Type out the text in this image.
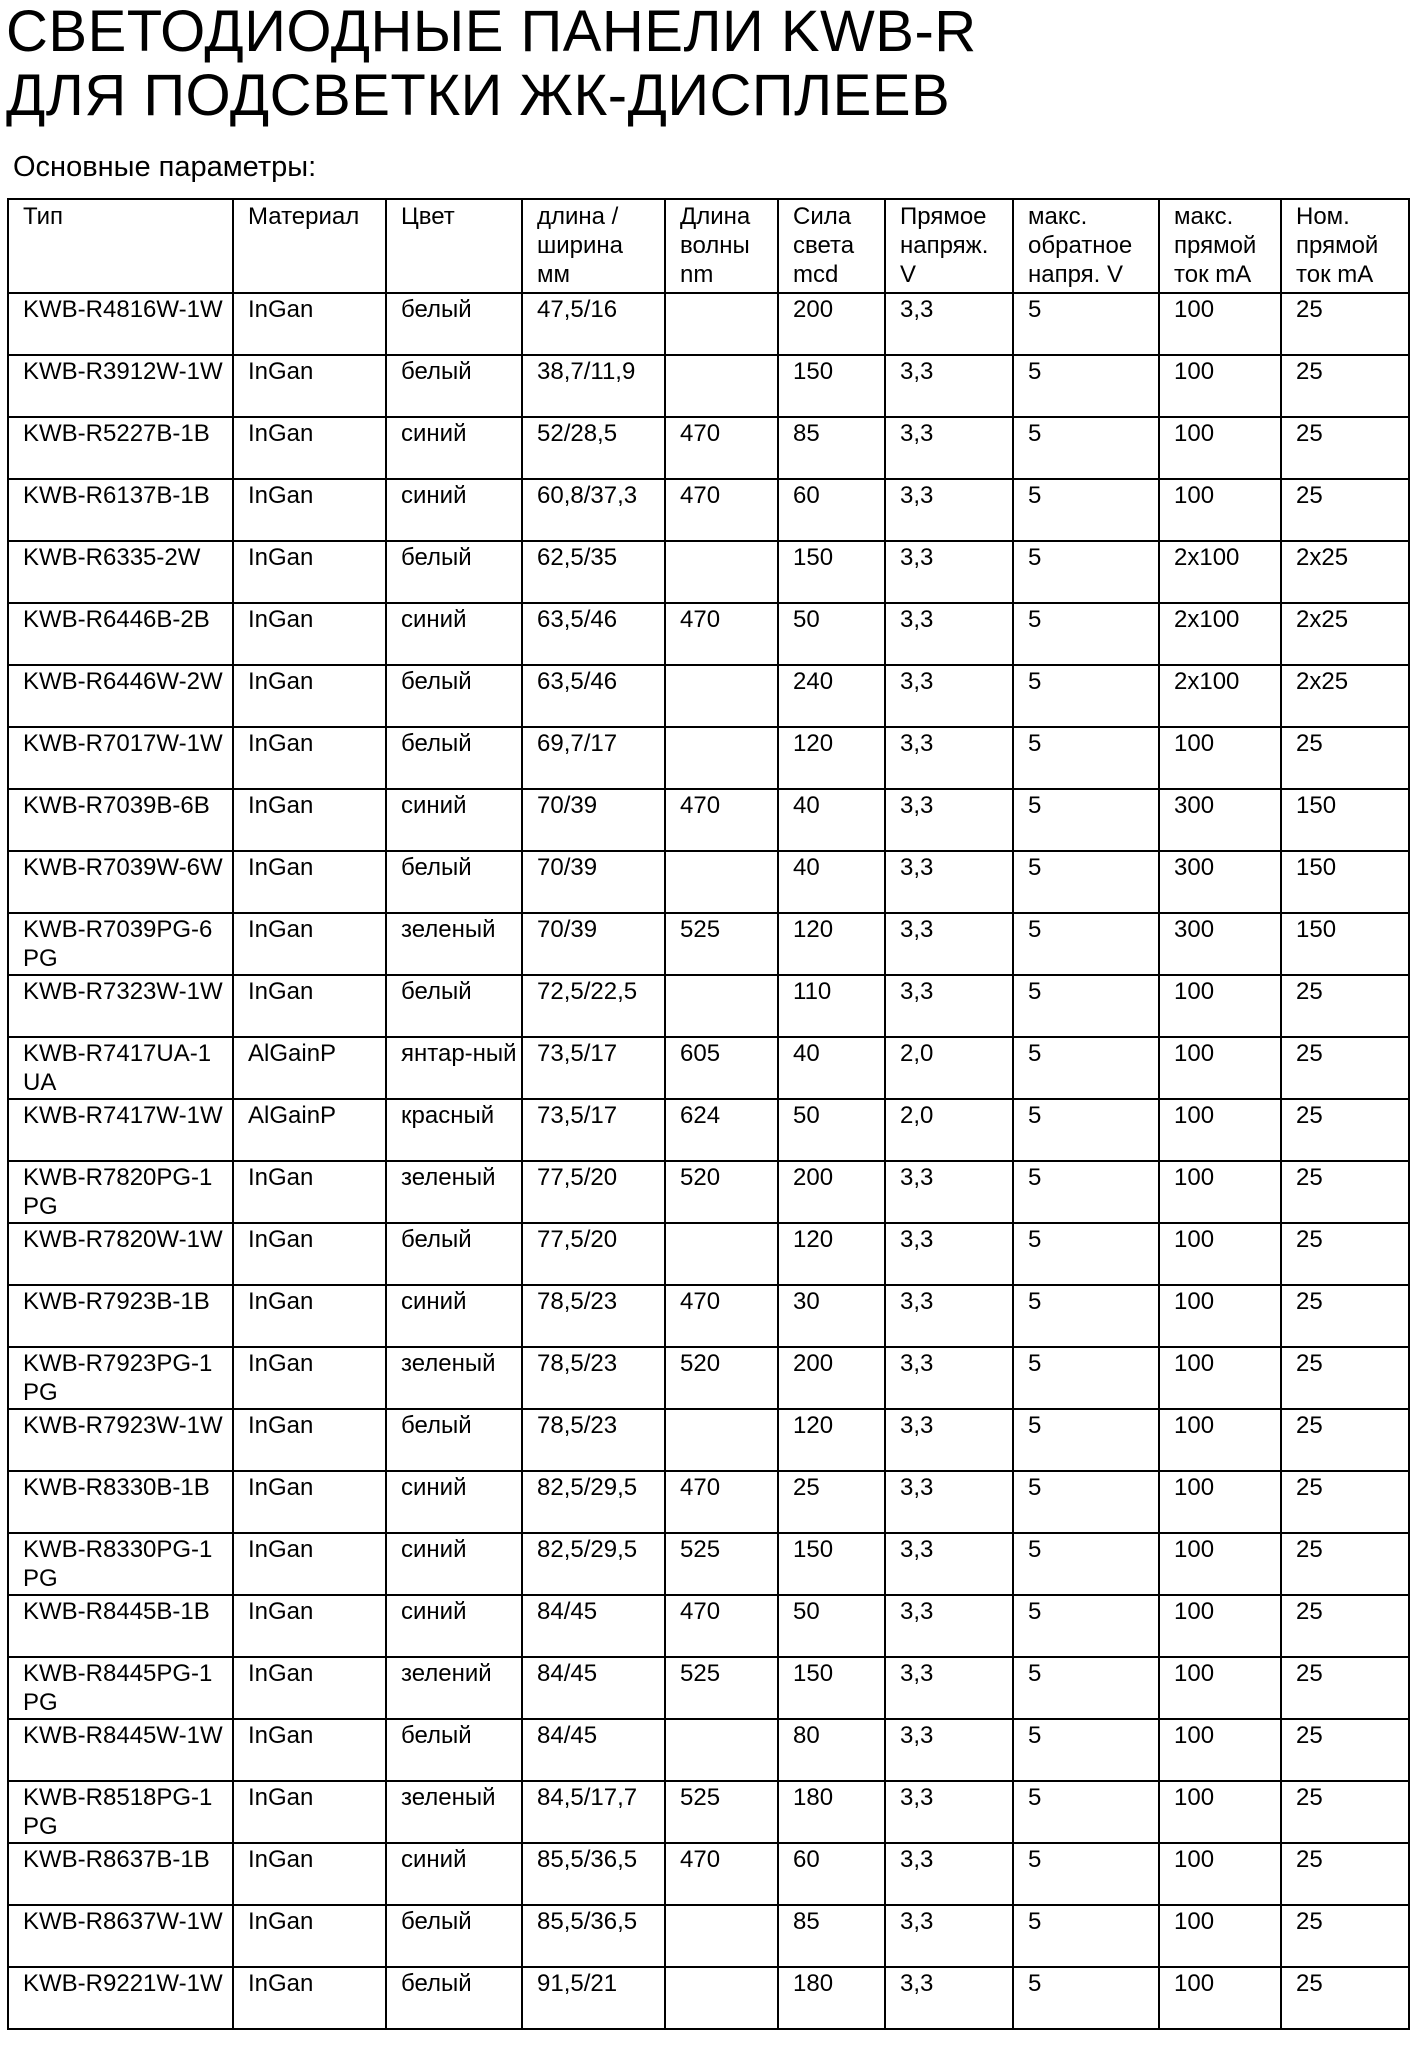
СВЕТОДИОДНЫЕ ПАНЕЛИ KWB-R
ДЛЯ ПОДСВЕТКИ ЖК-ДИСПЛЕЕВ
Основные параметры:
Тип	Материал	Цвет	длина / ширина мм	Длина волны nm	Сила света mcd	Прямое напряж. V	макс. обратное напря. V	макс. прямой ток mA	Ном. прямой ток mA

KWB-R4816W-1W	InGan	белый	47,5/16		200	3,3	5	100	25
KWB-R3912W-1W	InGan	белый	38,7/11,9		150	3,3	5	100	25
KWB-R5227B-1B	InGan	синий	52/28,5	470	85	3,3	5	100	25
KWB-R6137B-1B	InGan	синий	60,8/37,3	470	60	3,3	5	100	25
KWB-R6335-2W	InGan	белый	62,5/35		150	3,3	5	2x100	2x25
KWB-R6446B-2B	InGan	синий	63,5/46	470	50	3,3	5	2x100	2x25
KWB-R6446W-2W	InGan	белый	63,5/46		240	3,3	5	2x100	2x25
KWB-R7017W-1W	InGan	белый	69,7/17		120	3,3	5	100	25
KWB-R7039B-6B	InGan	синий	70/39	470	40	3,3	5	300	150
KWB-R7039W-6W	InGan	белый	70/39		40	3,3	5	300	150
KWB-R7039PG-6PG	InGan	зеленый	70/39	525	120	3,3	5	300	150
KWB-R7323W-1W	InGan	белый	72,5/22,5		110	3,3	5	100	25
KWB-R7417UA-1UA	AlGainP	янтар-ный	73,5/17	605	40	2,0	5	100	25
KWB-R7417W-1W	AlGainP	красный	73,5/17	624	50	2,0	5	100	25
KWB-R7820PG-1PG	InGan	зеленый	77,5/20	520	200	3,3	5	100	25
KWB-R7820W-1W	InGan	белый	77,5/20		120	3,3	5	100	25
KWB-R7923B-1B	InGan	синий	78,5/23	470	30	3,3	5	100	25
KWB-R7923PG-1PG	InGan	зеленый	78,5/23	520	200	3,3	5	100	25
KWB-R7923W-1W	InGan	белый	78,5/23		120	3,3	5	100	25
KWB-R8330B-1B	InGan	синий	82,5/29,5	470	25	3,3	5	100	25
KWB-R8330PG-1PG	InGan	синий	82,5/29,5	525	150	3,3	5	100	25
KWB-R8445B-1B	InGan	синий	84/45	470	50	3,3	5	100	25
KWB-R8445PG-1PG	InGan	зелений	84/45	525	150	3,3	5	100	25
KWB-R8445W-1W	InGan	белый	84/45		80	3,3	5	100	25
KWB-R8518PG-1PG	InGan	зеленый	84,5/17,7	525	180	3,3	5	100	25
KWB-R8637B-1B	InGan	синий	85,5/36,5	470	60	3,3	5	100	25
KWB-R8637W-1W	InGan	белый	85,5/36,5		85	3,3	5	100	25
KWB-R9221W-1W	InGan	белый	91,5/21		180	3,3	5	100	25
